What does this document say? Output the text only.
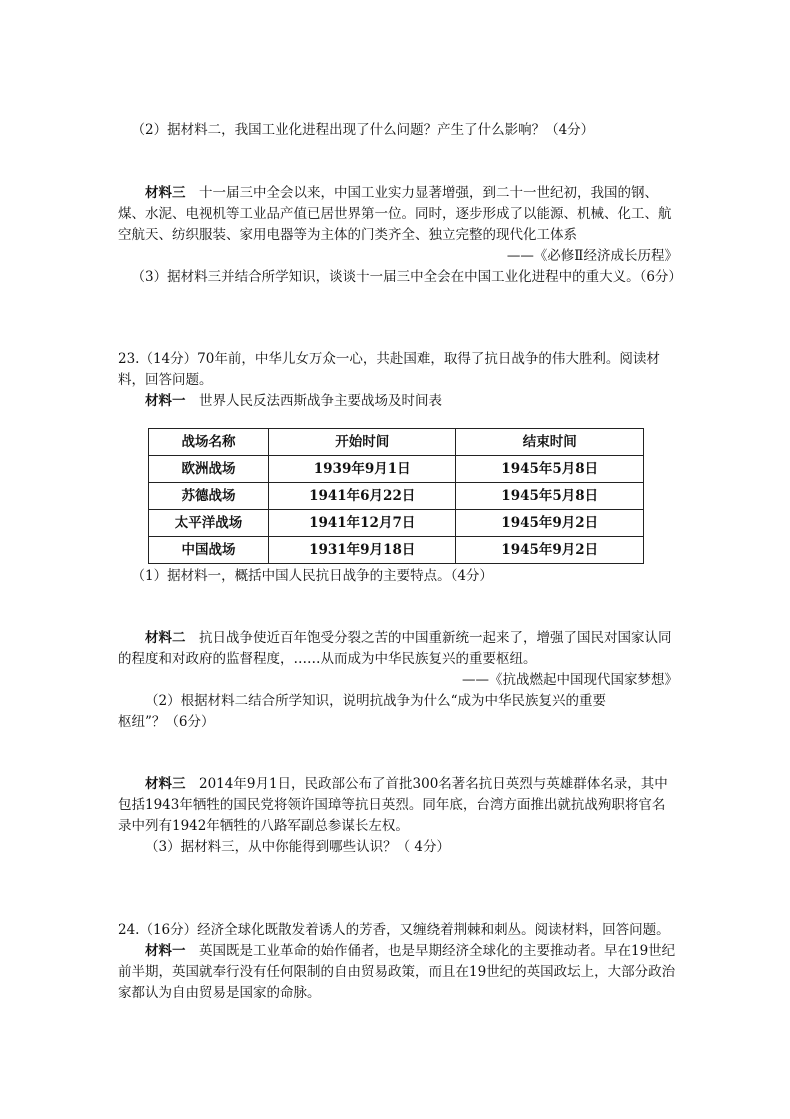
（2）据材料二，我国工业化进程出现了什么问题？产生了什么影响？（4分）

材料三　 十一届三中全会以来，中国工业实力显著增强，到二十一世纪初，我国的钢、煤、水泥、电视机等工业品产值已居世界第一位。同时，逐步形成了以能源、机械、化工、航空航天、纺织服装、家用电器等为主体的门类齐全、独立完整的现代化工体系

——《必修Ⅱ经济成长历程》

（3）据材料三并结合所学知识，谈谈十一届三中全会在中国工业化进程中的重大义。（6分）

23.（14分）70年前，中华儿女万众一心，共赴国难，取得了抗日战争的伟大胜利。阅读材料，回答问题。

材料一　 世界人民反法西斯战争主要战场及时间表

战场名称	开始时间	结束时间
欧洲战场	1939年9月1日	1945年5月8日
苏德战场	1941年6月22日	1945年5月8日
太平洋战场	1941年12月7日	1945年9月2日
中国战场	1931年9月18日	1945年9月2日

（1）据材料一，概括中国人民抗日战争的主要特点。（4分）

材料二　 抗日战争使近百年饱受分裂之苦的中国重新统一起来了，增强了国民对国家认同的程度和对政府的监督程度，……从而成为中华民族复兴的重要枢纽。

——《抗战燃起中国现代国家梦想》

（2）根据材料二结合所学知识，说明抗战争为什么“成为中华民族复兴的重要

枢纽”？（6分）

材料三　 2014年9月1日，民政部公布了首批300名著名抗日英烈与英雄群体名录，其中包括1943年牺牲的国民党将领许国璋等抗日英烈。同年底，台湾方面推出就抗战殉职将官名录中列有1942年牺牲的八路军副总参谋长左权。

（3）据材料三，从中你能得到哪些认识？（ 4分）

24.（16分）经济全球化既散发着诱人的芳香，又缠绕着荆棘和刺丛。阅读材料，回答问题。

材料一　 英国既是工业革命的始作俑者，也是早期经济全球化的主要推动者。早在19世纪前半期，英国就奉行没有任何限制的自由贸易政策，而且在19世纪的英国政坛上，大部分政治家都认为自由贸易是国家的命脉。
